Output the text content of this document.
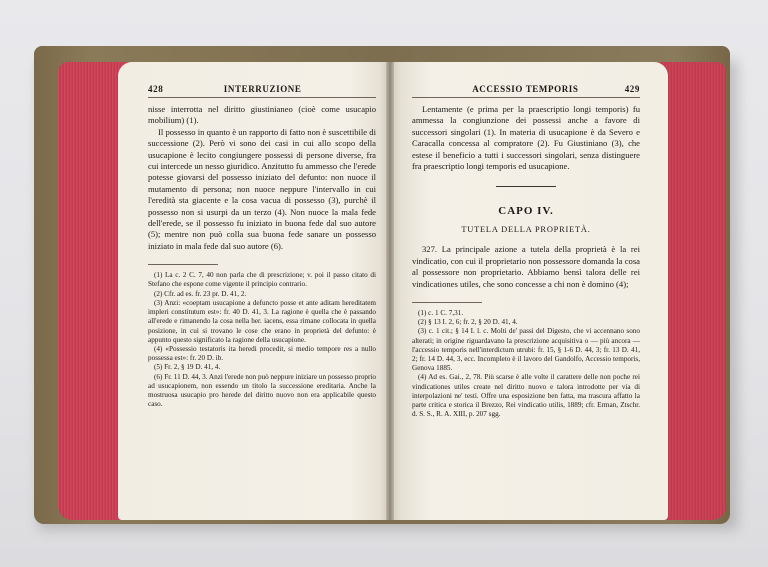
428	INTERRUZIONE

nisse interrotta nel diritto giustinianeo (cioè come usucapio mobilium) (1).

Il possesso in quanto è un rapporto di fatto non è suscettibile di successione (2). Però vi sono dei casi in cui allo scopo della usucapione è lecito congiungere possessi di persone diverse, fra cui intercede un nesso giuridico. Anzitutto fu ammesso che l'erede potesse giovarsi del possesso iniziato del defunto: non nuoce il mutamento di persona; non nuoce neppure l'intervallo in cui l'eredità sta giacente e la cosa vacua di possesso (3), purchè il possesso non si usurpi da un terzo (4). Non nuoce la mala fede dell'erede, se il possesso fu iniziato in buona fede dal suo autore (5); mentre non può colla sua buona fede sanare un possesso iniziato in mala fede dal suo autore (6).

(1) La c. 2 C. 7, 40 non parla che di prescrizione; v. poi il passo citato di Stefano che espone come vigente il principio contrario.

(2) Cfr. ad es. fr. 23 pr. D. 41, 2.

(3) Anzi: «coeptam usucapione a defuncto posse et ante aditam hereditatem impleri constitutum est»: fr. 40 D. 41, 3. La ragione è quella che è passando all'erede e rimanendo la cosa nella her. iacens, essa rimane collocata in quella posizione, in cui si trovano le cose che erano in proprietà del defunto: è appunto questo significato la ragione della usucapione.

(4) «Possessio testatoris ita heredi procedit, si medio tempore res a nullo possessa est»: fr. 20 D. ib.

(5) Fr. 2, § 19 D. 41, 4.

(6) Fr. 11 D. 44, 3. Anzi l'erede non può neppure iniziare un possesso proprio ad usucapionem, non essendo un titolo la successione ereditaria. Anche la mostruosa usucapio pro herede del diritto nuovo non era applicabile questo caso.

ACCESSIO TEMPORIS	429

Lentamente (e prima per la praescriptio longi temporis) fu ammessa la congiunzione dei possessi anche a favore di successori singolari (1). In materia di usucapione è da Severo e Caracalla concessa al compratore (2). Fu Giustiniano (3), che estese il beneficio a tutti i successori singolari, senza distinguere fra praescriptio longi temporis ed usucapione.

CAPO IV.
TUTELA DELLA PROPRIETÀ.

327. La principale azione a tutela della proprietà è la rei vindicatio, con cui il proprietario non possessore domanda la cosa al possessore non proprietario. Abbiamo bensì talora delle rei vindicationes utiles, che sono concesse a chi non è domino (4);

(1) c. 1 C. 7,31.

(2) § 13 I. 2, 6; fr. 2, § 20 D. 41, 4.

(3) c. 1 cit.; § 14 I. l. c. Molti de' passi del Digesto, che vi accennano sono alterati; in origine riguardavano la prescrizione acquisitiva o — più ancora — l'accessio temporis nell'interdictum utrubi: fr. 15, § 1-6 D. 44, 3; fr. 13 D. 41, 2; fr. 14 D. 44, 3, ecc. Incompleto è il lavoro del Gandolfo, Accessio temporis, Genova 1885.

(4) Ad es. Gai., 2, 78. Più scarse è alle volte il carattere delle non poche rei vindicationes utiles create nel diritto nuovo e talora introdotte per via di interpolazioni ne' testi. Offre una esposizione ben fatta, ma trascura affatto la parte critica e storica il Brezzo, Rei vindicatio utilis, 1889; cfr. Erman, Ztschr. d. S. S., R. A. XIII, p. 207 sgg.
